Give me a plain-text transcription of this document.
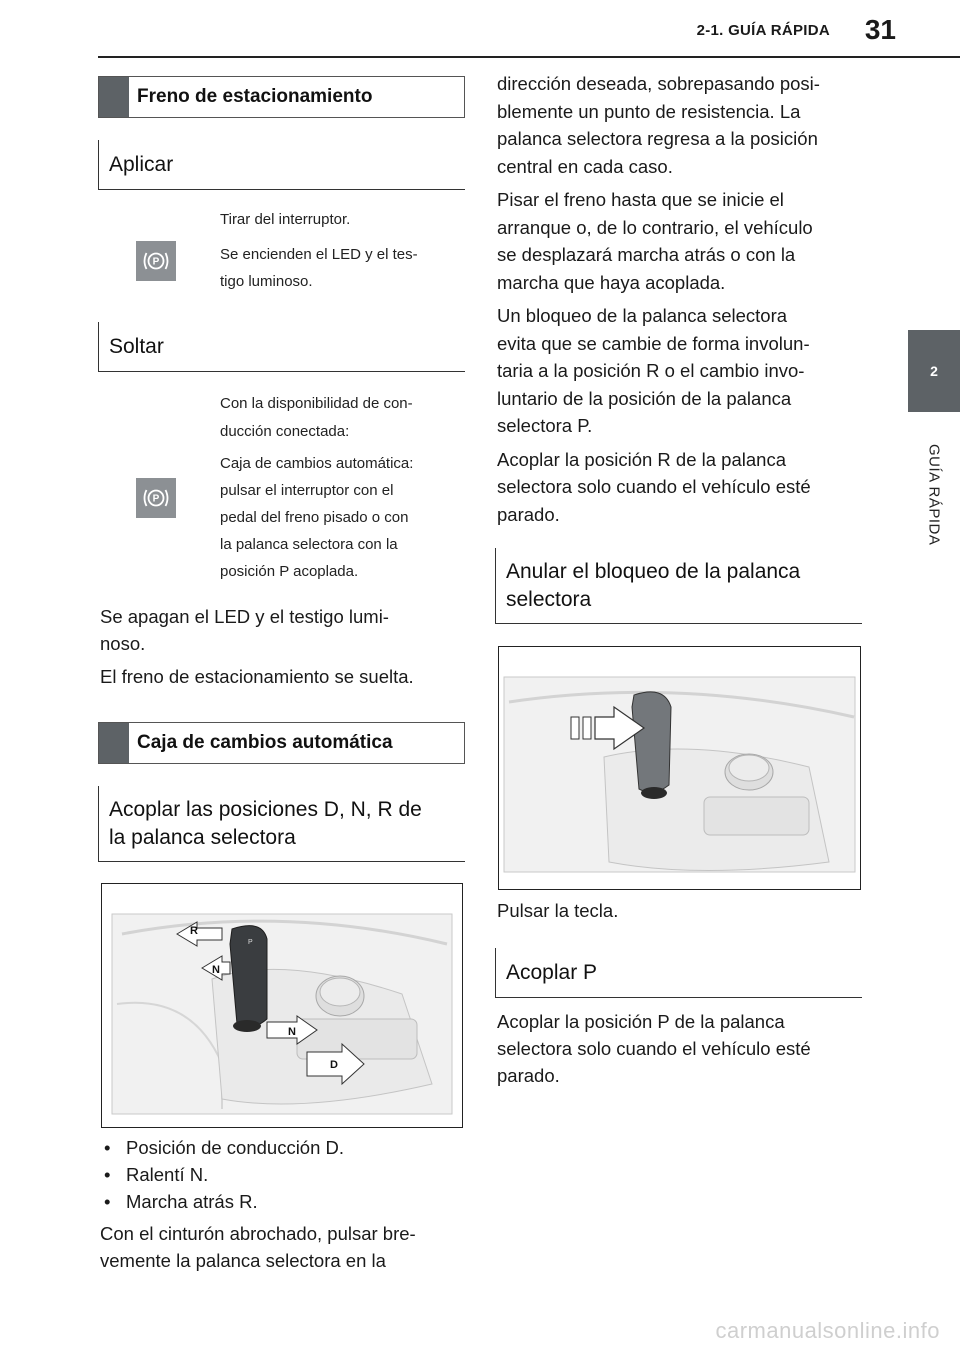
2-1. GUÍA RÁPIDA	31
2
GUÍA RÁPIDA
Freno de estacionamiento
Aplicar
P

Tirar del interruptor.

Se encienden el LED y el tes-

tigo luminoso.

Soltar
P

Con la disponibilidad de con-

ducción conectada:

Caja de cambios automática:

pulsar el interruptor con el

pedal del freno pisado o con

la palanca selectora con la

posición P acoplada.

Se apagan el LED y el testigo lumi-

noso.

El freno de estacionamiento se suelta.

Caja de cambios automática
Acoplar las posiciones D, N, R de
la palanca selectora
R
N
N
D
P
• Posición de conducción D.
• Ralentí N.
• Marcha atrás R.

Con el cinturón abrochado, pulsar bre-

vemente la palanca selectora en la

dirección deseada, sobrepasando posi-

blemente un punto de resistencia. La

palanca selectora regresa a la posición

central en cada caso.

Pisar el freno hasta que se inicie el

arranque o, de lo contrario, el vehículo

se desplazará marcha atrás o con la

marcha que haya acoplada.

Un bloqueo de la palanca selectora

evita que se cambie de forma involun-

taria a la posición R o el cambio invo-

luntario de la posición de la palanca

selectora P.

Acoplar la posición R de la palanca

selectora solo cuando el vehículo esté

parado.

Anular el bloqueo de la palanca
selectora

Pulsar la tecla.

Acoplar P

Acoplar la posición P de la palanca

selectora solo cuando el vehículo esté

parado.

carmanualsonline.info
